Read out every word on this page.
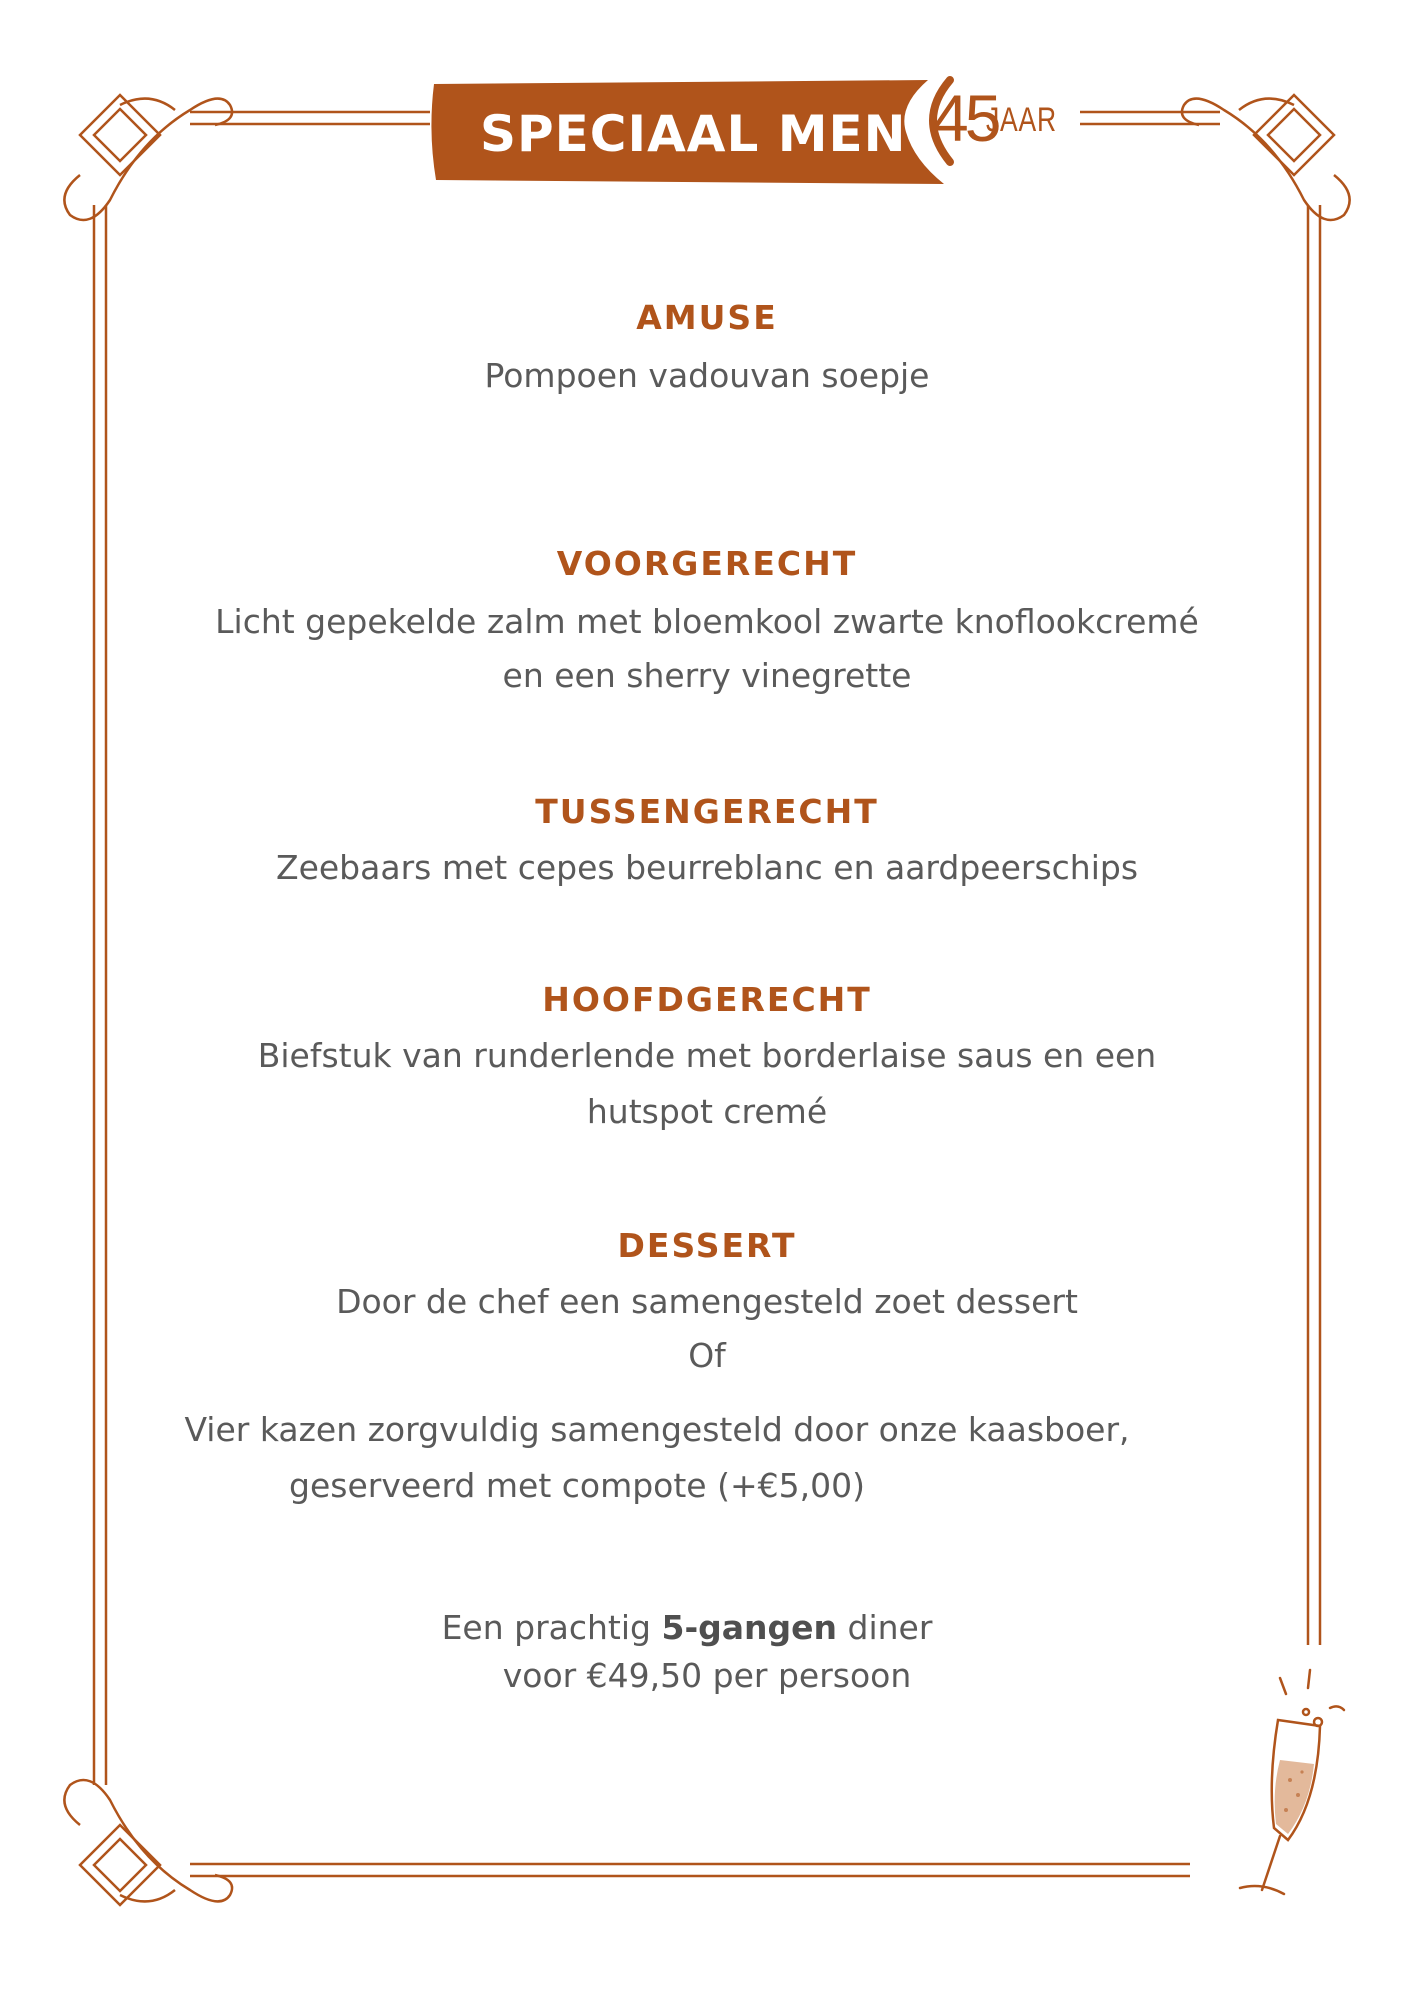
SPECIAAL MENU
45
JAAR
AMUSE
Pompoen vadouvan soepje
VOORGERECHT
Licht gepekelde zalm met bloemkool zwarte knoflookcremé
en een sherry vinegrette
TUSSENGERECHT
Zeebaars met cepes beurreblanc en aardpeerschips
HOOFDGERECHT
Biefstuk van runderlende met borderlaise saus en een
hutspot cremé
DESSERT
Door de chef een samengesteld zoet dessert
Of
Vier kazen zorgvuldig samengesteld door onze kaasboer,
geserveerd met compote (+€5,00)
Een prachtig 5-gangen diner
voor €49,50 per persoon
